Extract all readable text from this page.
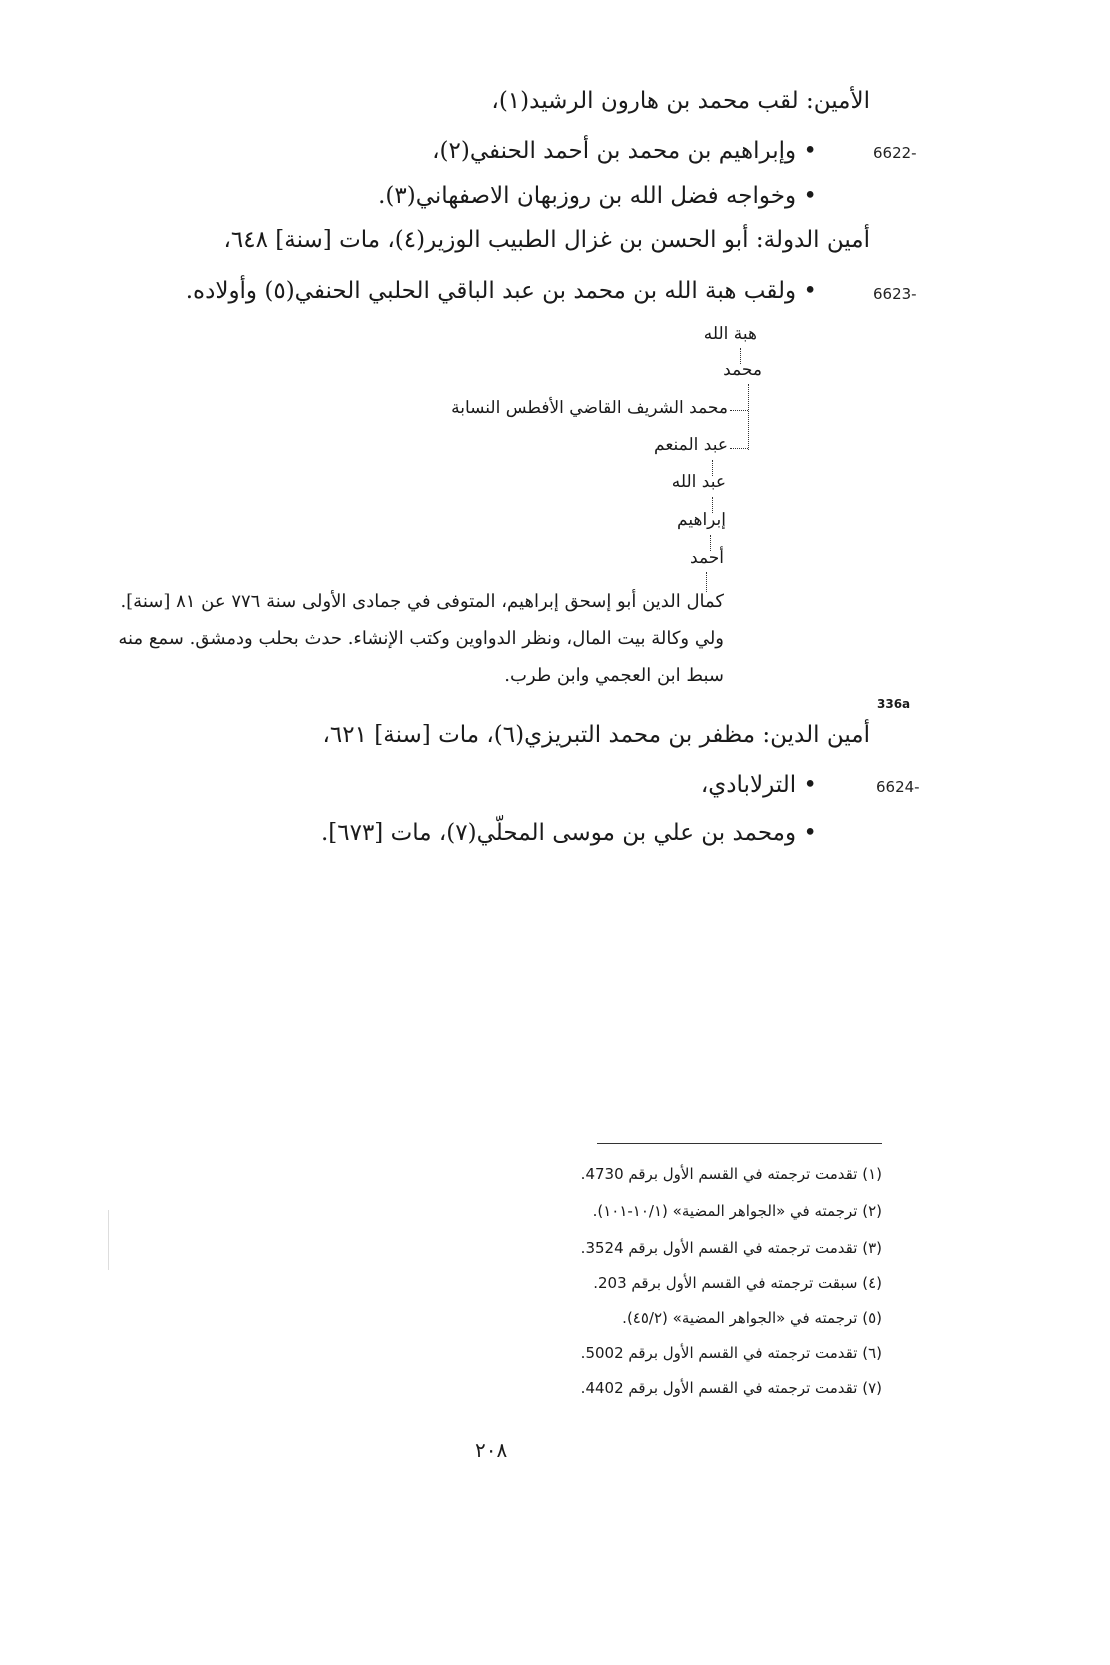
الأمين: لقب محمد بن هارون الرشيد(١)،
6622-
• وإبراهيم بن محمد بن أحمد الحنفي(٢)،
• وخواجه فضل الله بن روزبهان الاصفهاني(٣).
أمين الدولة: أبو الحسن بن غزال الطبيب الوزير(٤)، مات [سنة] ٦٤٨،
6623-
• ولقب هبة الله بن محمد بن عبد الباقي الحلبي الحنفي(٥) وأولاده.
هبة الله
محمد
محمد الشريف القاضي الأفطس النسابة
عبد المنعم
عبد الله
إبراهيم
أحمد
كمال الدين أبو إسحق إبراهيم، المتوفى في جمادى الأولى سنة ٧٧٦ عن ٨١ [سنة].
ولي وكالة بيت المال، ونظر الدواوين وكتب الإنشاء. حدث بحلب ودمشق. سمع منه
سبط ابن العجمي وابن طرب.
336a
أمين الدين: مظفر بن محمد التبريزي(٦)، مات [سنة] ٦٢١،
6624-
• الترلابادي،
• ومحمد بن علي بن موسى المحلّي(٧)، مات [٦٧٣].
(١) تقدمت ترجمته في القسم الأول برقم 4730.
(٢) ترجمته في «الجواهر المضية» (١٠/١-١٠١).
(٣) تقدمت ترجمته في القسم الأول برقم 3524.
(٤) سبقت ترجمته في القسم الأول برقم 203.
(٥) ترجمته في «الجواهر المضية» (٤٥/٢).
(٦) تقدمت ترجمته في القسم الأول برقم 5002.
(٧) تقدمت ترجمته في القسم الأول برقم 4402.
٢٠٨
